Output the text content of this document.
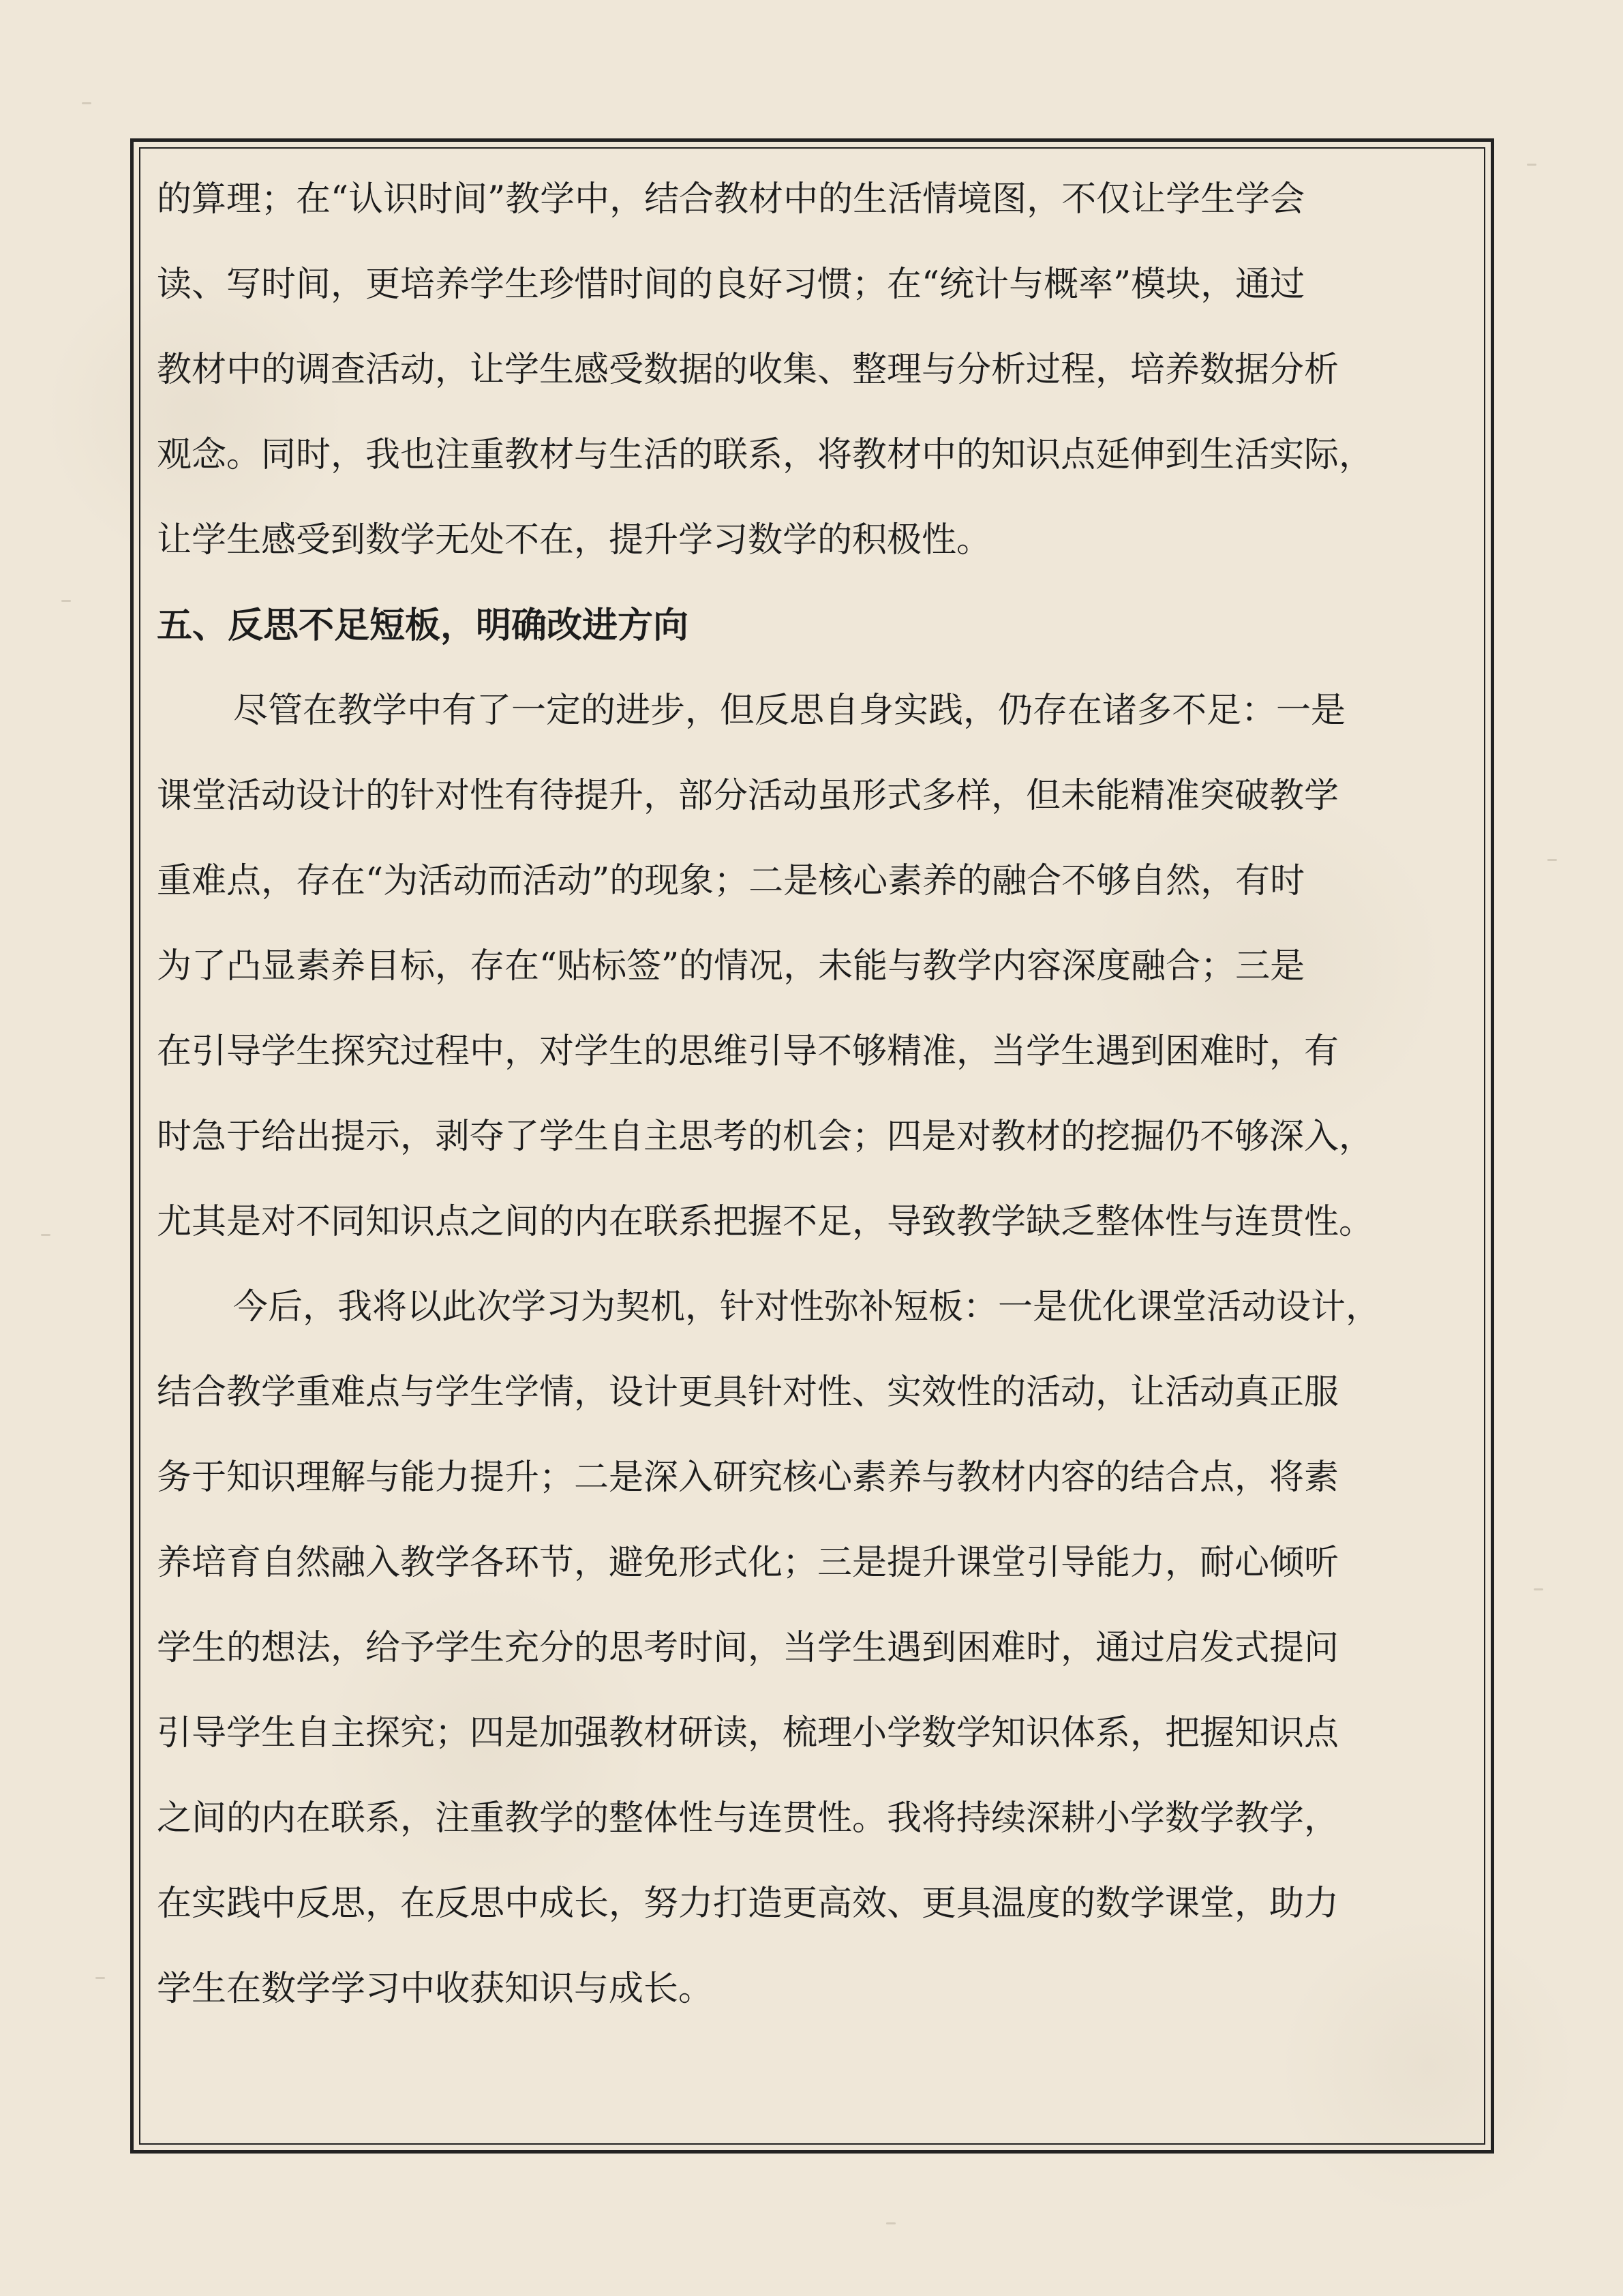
的算理；在“认识时间”教学中，结合教材中的生活情境图，不仅让学生学会
读、写时间，更培养学生珍惜时间的良好习惯；在“统计与概率”模块，通过
教材中的调查活动，让学生感受数据的收集、整理与分析过程，培养数据分析
观念。同时，我也注重教材与生活的联系，将教材中的知识点延伸到生活实际，
让学生感受到数学无处不在，提升学习数学的积极性。
五、反思不足短板，明确改进方向
尽管在教学中有了一定的进步，但反思自身实践，仍存在诸多不足：一是
课堂活动设计的针对性有待提升，部分活动虽形式多样，但未能精准突破教学
重难点，存在“为活动而活动”的现象；二是核心素养的融合不够自然，有时
为了凸显素养目标，存在“贴标签”的情况，未能与教学内容深度融合；三是
在引导学生探究过程中，对学生的思维引导不够精准，当学生遇到困难时，有
时急于给出提示，剥夺了学生自主思考的机会；四是对教材的挖掘仍不够深入，
尤其是对不同知识点之间的内在联系把握不足，导致教学缺乏整体性与连贯性。
今后，我将以此次学习为契机，针对性弥补短板：一是优化课堂活动设计，
结合教学重难点与学生学情，设计更具针对性、实效性的活动，让活动真正服
务于知识理解与能力提升；二是深入研究核心素养与教材内容的结合点，将素
养培育自然融入教学各环节，避免形式化；三是提升课堂引导能力，耐心倾听
学生的想法，给予学生充分的思考时间，当学生遇到困难时，通过启发式提问
引导学生自主探究；四是加强教材研读，梳理小学数学知识体系，把握知识点
之间的内在联系，注重教学的整体性与连贯性。我将持续深耕小学数学教学，
在实践中反思，在反思中成长，努力打造更高效、更具温度的数学课堂，助力
学生在数学学习中收获知识与成长。
